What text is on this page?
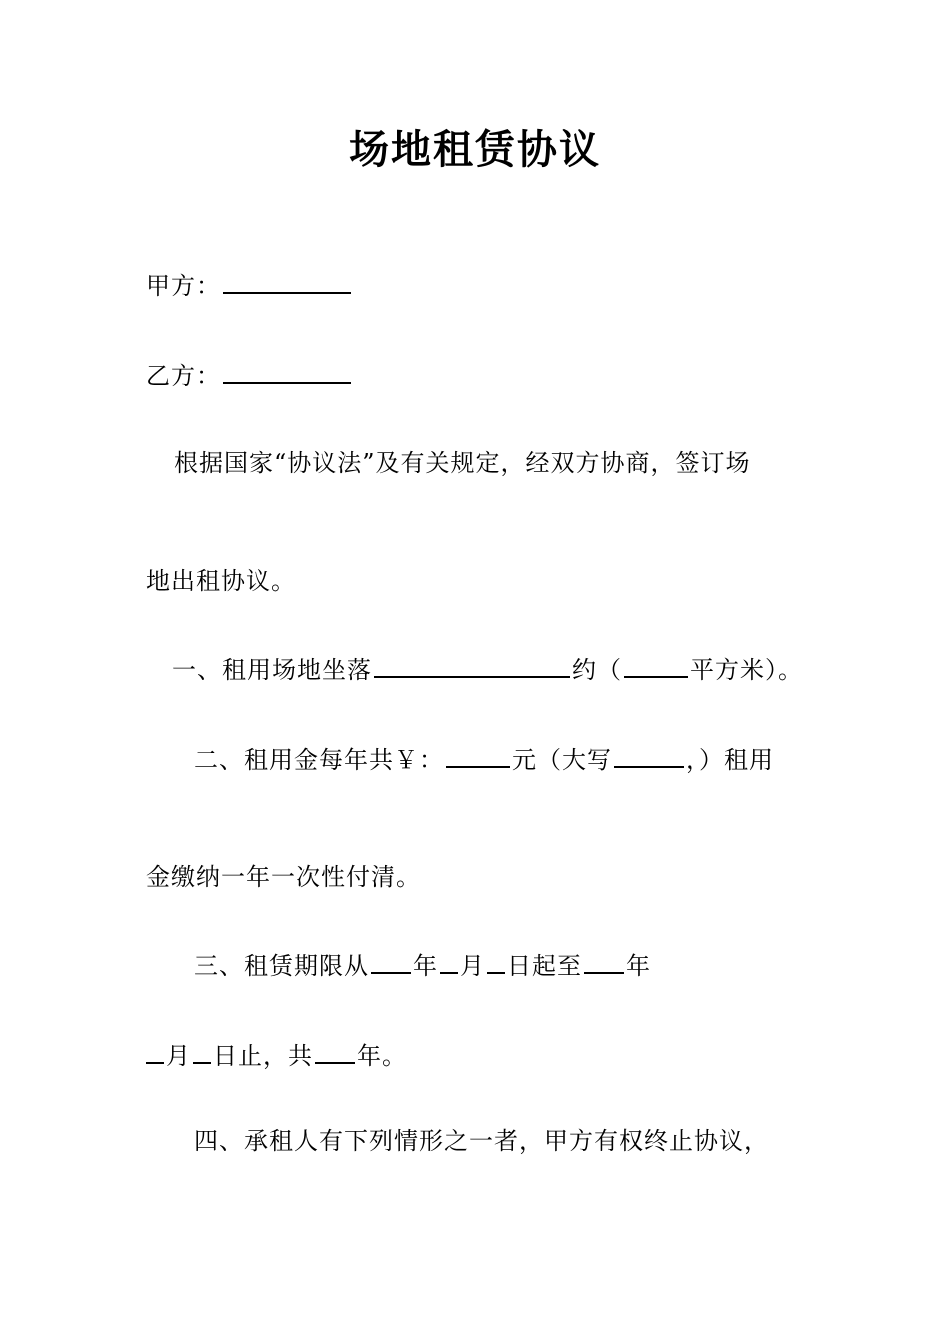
场地租赁协议
甲方：
乙方：
根据国家“协议法”及有关规定，经双方协商，签订场
地出租协议。
一、租用场地坐落	约（	平方米）。
二、租用金每年共￥：	元（大写	，）租用
金缴纳一年一次性付清。
三、租赁期限从 年 月 日起至 年
月 日止，共 年。
四、承租人有下列情形之一者，甲方有权终止协议，
